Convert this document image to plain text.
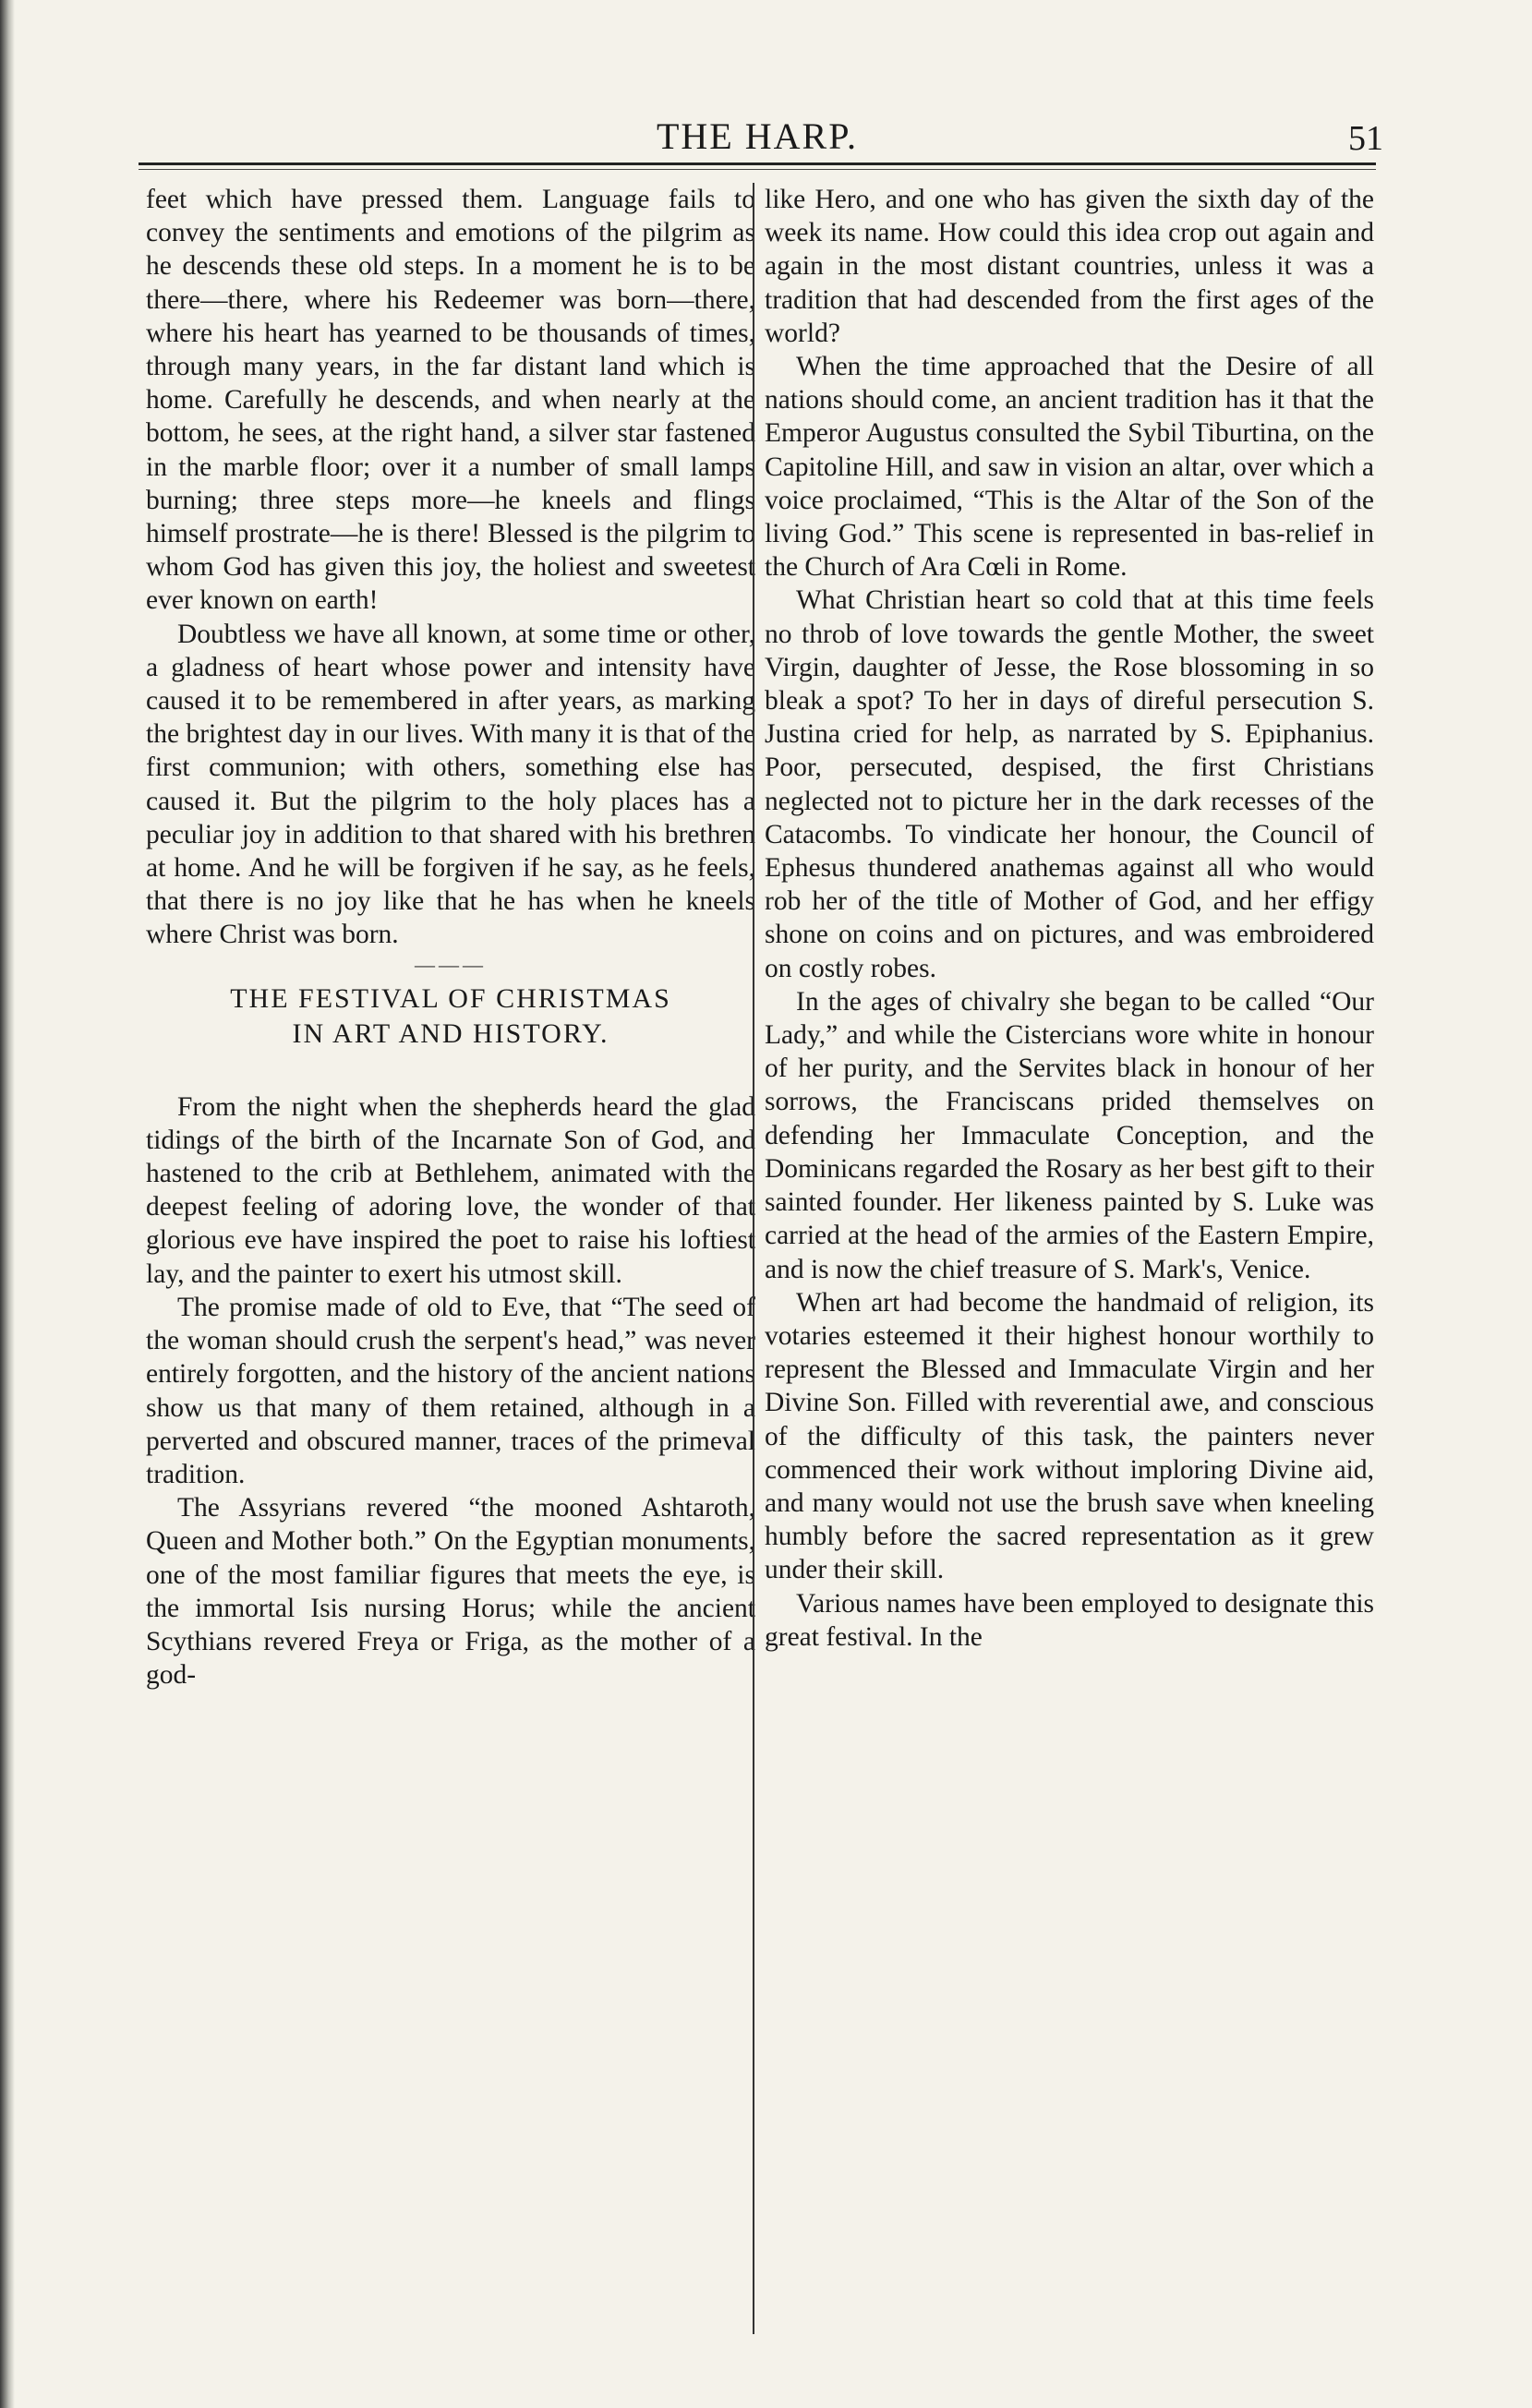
THE HARP.	51

feet which have pressed them. Language fails to convey the sentiments and emotions of the pilgrim as he descends these old steps. In a moment he is to be there—there, where his Redeemer was born—there, where his heart has yearned to be thousands of times, through many years, in the far distant land which is home. Carefully he descends, and when nearly at the bottom, he sees, at the right hand, a silver star fastened in the marble floor; over it a number of small lamps burning; three steps more—he kneels and flings himself prostrate—he is there! Blessed is the pilgrim to whom God has given this joy, the holiest and sweetest ever known on earth!

Doubtless we have all known, at some time or other, a gladness of heart whose power and intensity have caused it to be remembered in after years, as marking the brightest day in our lives. With many it is that of the first communion; with others, something else has caused it. But the pilgrim to the holy places has a peculiar joy in addition to that shared with his brethren at home. And he will be forgiven if he say, as he feels, that there is no joy like that he has when he kneels where Christ was born.

———
THE FESTIVAL OF CHRISTMAS
IN ART AND HISTORY.

From the night when the shepherds heard the glad tidings of the birth of the Incarnate Son of God, and hastened to the crib at Bethlehem, animated with the deepest feeling of adoring love, the wonder of that glorious eve have inspired the poet to raise his loftiest lay, and the painter to exert his utmost skill.

The promise made of old to Eve, that “The seed of the woman should crush the serpent's head,” was never entirely forgotten, and the history of the ancient nations show us that many of them retained, although in a perverted and obscured manner, traces of the primeval tradition.

The Assyrians revered “the mooned Ashtaroth, Queen and Mother both.” On the Egyptian monuments, one of the most familiar figures that meets the eye, is the immortal Isis nursing Horus; while the ancient Scythians revered Freya or Friga, as the mother of a god-

like Hero, and one who has given the sixth day of the week its name. How could this idea crop out again and again in the most distant countries, unless it was a tradition that had descended from the first ages of the world?

When the time approached that the Desire of all nations should come, an ancient tradition has it that the Emperor Augustus consulted the Sybil Tiburtina, on the Capitoline Hill, and saw in vision an altar, over which a voice proclaimed, “This is the Altar of the Son of the living God.” This scene is represented in bas-relief in the Church of Ara Cœli in Rome.

What Christian heart so cold that at this time feels no throb of love towards the gentle Mother, the sweet Virgin, daughter of Jesse, the Rose blossoming in so bleak a spot? To her in days of direful persecution S. Justina cried for help, as narrated by S. Epiphanius. Poor, persecuted, despised, the first Christians neglected not to picture her in the dark recesses of the Catacombs. To vindicate her honour, the Council of Ephesus thundered anathemas against all who would rob her of the title of Mother of God, and her effigy shone on coins and on pictures, and was embroidered on costly robes.

In the ages of chivalry she began to be called “Our Lady,” and while the Cistercians wore white in honour of her purity, and the Servites black in honour of her sorrows, the Franciscans prided themselves on defending her Immaculate Conception, and the Dominicans regarded the Rosary as her best gift to their sainted founder. Her likeness painted by S. Luke was carried at the head of the armies of the Eastern Empire, and is now the chief treasure of S. Mark's, Venice.

When art had become the handmaid of religion, its votaries esteemed it their highest honour worthily to represent the Blessed and Immaculate Virgin and her Divine Son. Filled with reverential awe, and conscious of the difficulty of this task, the painters never commenced their work without imploring Divine aid, and many would not use the brush save when kneeling humbly before the sacred representation as it grew under their skill.

Various names have been employed to designate this great festival. In the
